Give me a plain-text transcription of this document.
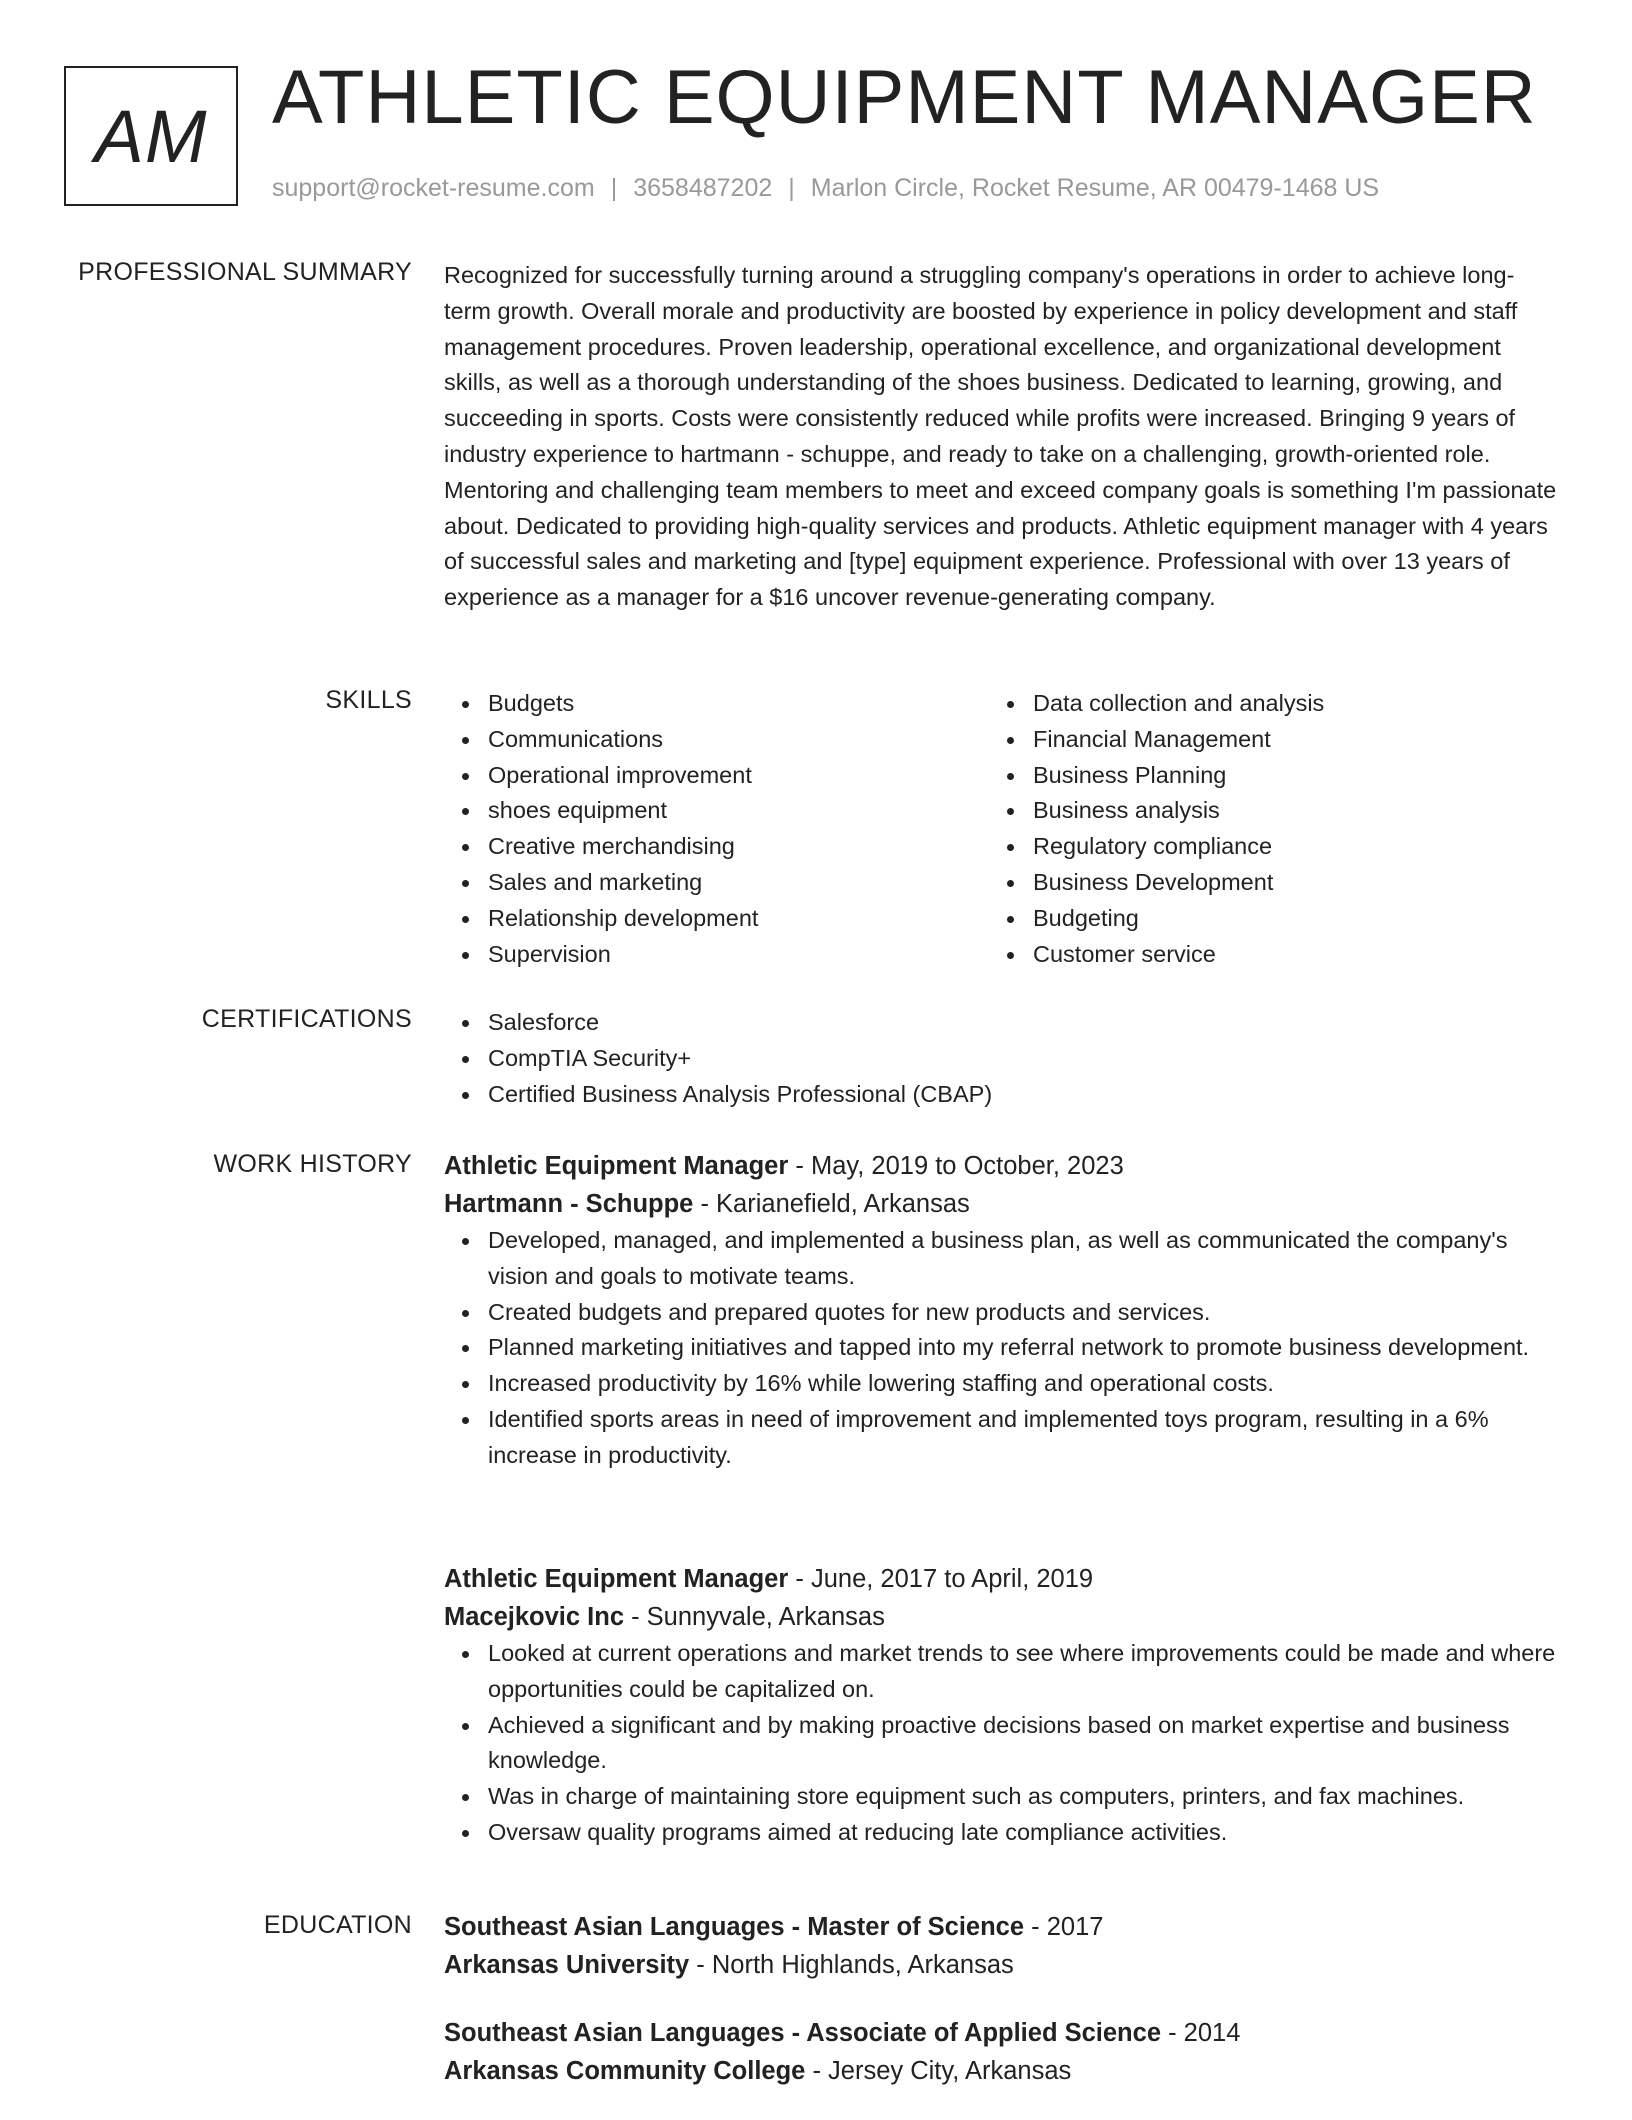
AM ATHLETIC EQUIPMENT MANAGER
support@rocket-resume.com | 3658487202 | Marlon Circle, Rocket Resume, AR 00479-1468 US
PROFESSIONAL SUMMARY Recognized for successfully turning around a struggling company's operations in order to achieve long-term growth. Overall morale and productivity are boosted by experience in policy development and staff management procedures. Proven leadership, operational excellence, and organizational development skills, as well as a thorough understanding of the shoes business. Dedicated to learning, growing, and succeeding in sports. Costs were consistently reduced while profits were increased. Bringing 9 years of industry experience to hartmann - schuppe, and ready to take on a challenging, growth-oriented role. Mentoring and challenging team members to meet and exceed company goals is something I'm passionate about. Dedicated to providing high-quality services and products. Athletic equipment manager with 4 years of successful sales and marketing and [type] equipment experience. Professional with over 13 years of experience as a manager for a $16 uncover revenue-generating company.

SKILLS	Budgets
Communications
Operational improvement
shoes equipment
Creative merchandising
Sales and marketing
Relationship development
Supervision
Data collection and analysis
Financial Management
Business Planning
Business analysis
Regulatory compliance
Business Development
Budgeting
Customer service
CERTIFICATIONS	Salesforce
CompTIA Security+
Certified Business Analysis Professional (CBAP)
WORK HISTORY Athletic Equipment Manager - May, 2019 to October, 2023
Hartmann - Schuppe - Karianefield, Arkansas
Developed, managed, and implemented a business plan, as well as communicated the company's vision and goals to motivate teams.
Created budgets and prepared quotes for new products and services.
Planned marketing initiatives and tapped into my referral network to promote business development.
Increased productivity by 16% while lowering staffing and operational costs.
Identified sports areas in need of improvement and implemented toys program, resulting in a 6% increase in productivity.
Athletic Equipment Manager - June, 2017 to April, 2019
Macejkovic Inc - Sunnyvale, Arkansas
Looked at current operations and market trends to see where improvements could be made and where opportunities could be capitalized on.
Achieved a significant and by making proactive decisions based on market expertise and business knowledge.
Was in charge of maintaining store equipment such as computers, printers, and fax machines.
Oversaw quality programs aimed at reducing late compliance activities.
EDUCATION Southeast Asian Languages - Master of Science - 2017
Arkansas University - North Highlands, Arkansas
Southeast Asian Languages - Associate of Applied Science - 2014
Arkansas Community College - Jersey City, Arkansas
